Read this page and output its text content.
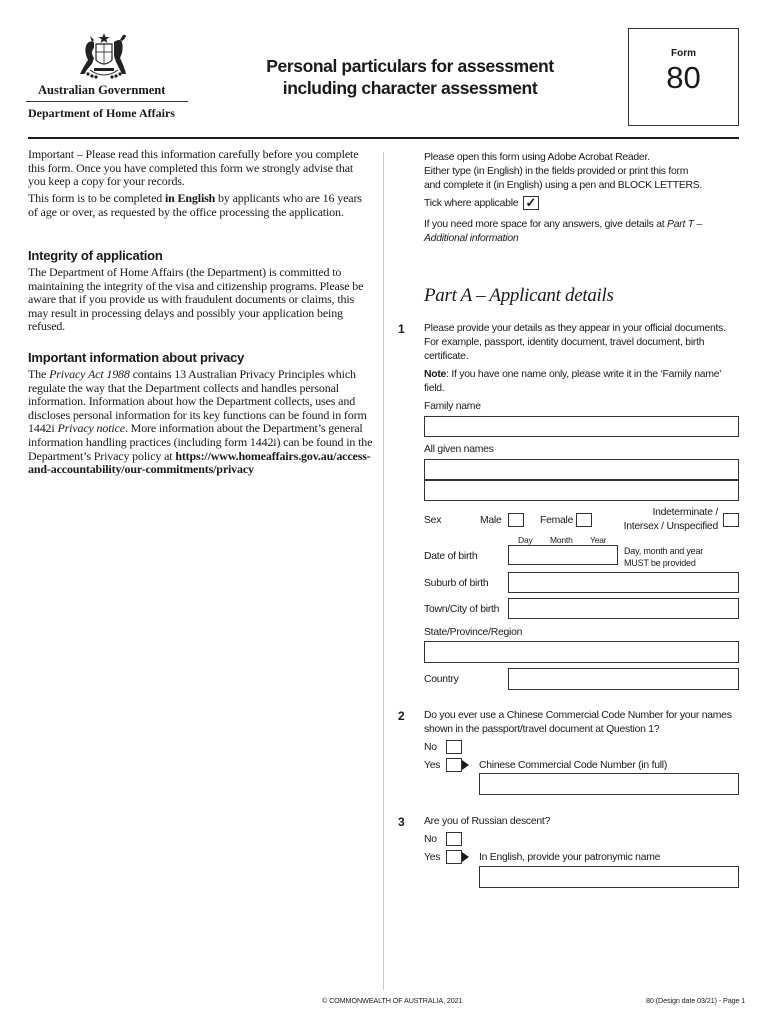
Australian Government
Department of Home Affairs
Personal particulars for assessment
including character assessment
Form
80
Important – Please read this information carefully before you complete this form. Once you have completed this form we strongly advise that you keep a copy for your records.
This form is to be completed in English by applicants who are 16 years of age or over, as requested by the office processing the application.
Integrity of application
The Department of Home Affairs (the Department) is committed to maintaining the integrity of the visa and citizenship programs. Please be aware that if you provide us with fraudulent documents or claims, this may result in processing delays and possibly your application being refused.
Important information about privacy
The Privacy Act 1988 contains 13 Australian Privacy Principles which regulate the way that the Department collects and handles personal information. Information about how the Department collects, uses and discloses personal information for its key functions can be found in form 1442i Privacy notice. More information about the Department’s general information handling practices (including form 1442i) can be found in the Department’s Privacy policy at https://www.homeaffairs.gov.au/access-and-accountability/our-commitments/privacy
Please open this form using Adobe Acrobat Reader.
Either type (in English) in the fields provided or print this form
and complete it (in English) using a pen and BLOCK LETTERS.
Tick where applicable ✓
If you need more space for any answers, give details at Part T –
Additional information
Part A – Applicant details
1 Please provide your details as they appear in your official documents.
For example, passport, identity document, travel document, birth
certificate.
Note: If you have one name only, please write it in the ‘Family name’
field.
Family name
All given names
Sex	Male	Female
Indeterminate /
Intersex / Unspecified
Day Month Year
Date of birth	Day, month and year
MUST be provided
Suburb of birth
Town/City of birth
State/Province/Region
Country
2 Do you ever use a Chinese Commercial Code Number for your names
shown in the passport/travel document at Question 1?
No
Yes	Chinese Commercial Code Number (in full)
3 Are you of Russian descent?
No
Yes	In English, provide your patronymic name
© COMMONWEALTH OF AUSTRALIA, 2021	80 (Design date 03/21) - Page 1
